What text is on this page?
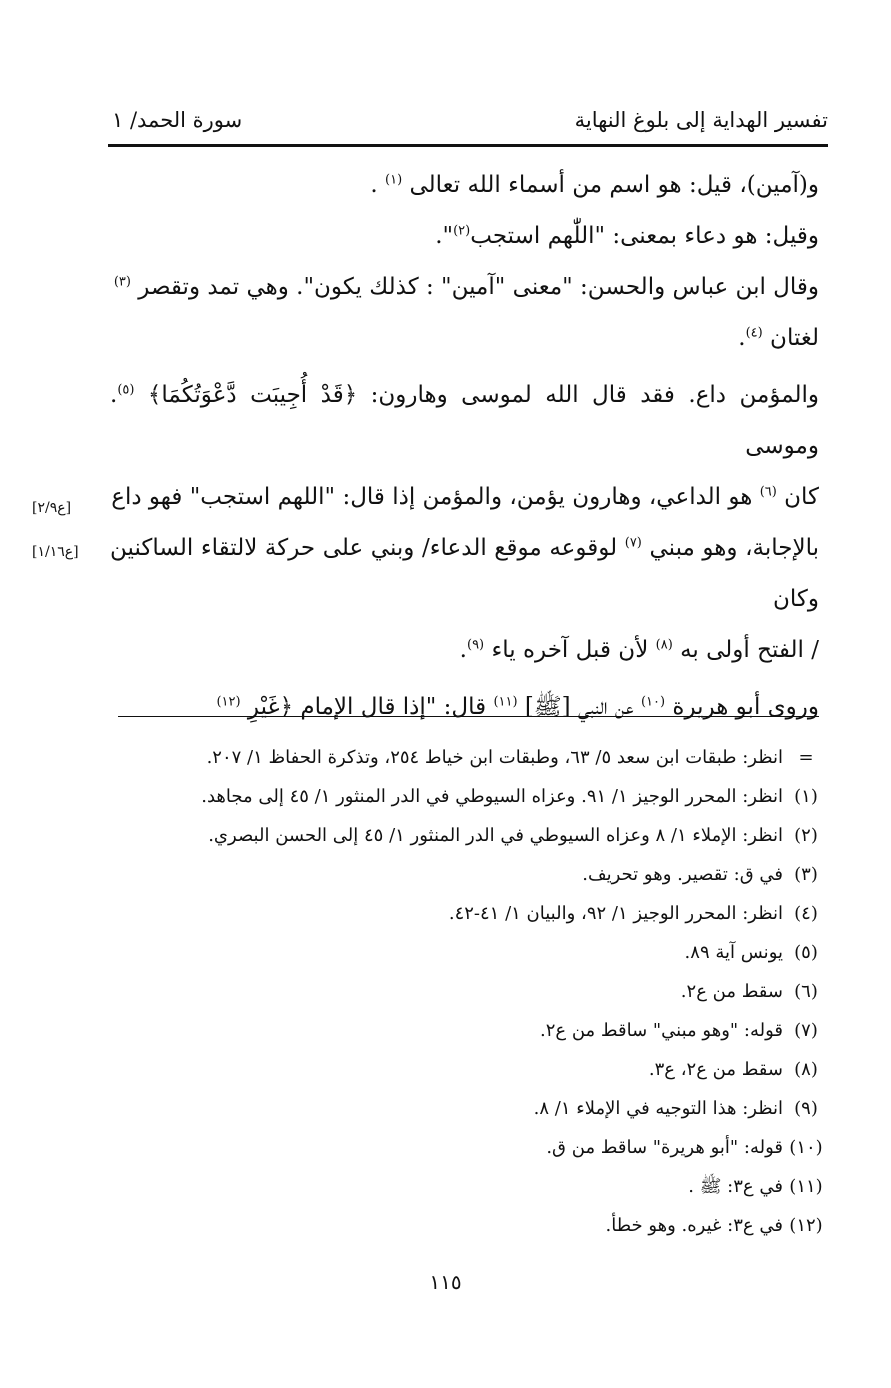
تفسير الهداية إلى بلوغ النهاية
سورة الحمد/ ١

و(آمين)، قيل: هو اسم من أسماء الله تعالى $^{(١)}$ .

وقيل: هو دعاء بمعنى: "اللّٰهم استجب$^{(٢)}$".

وقال ابن عباس والحسن: "معنى "آمين" : كذلك يكون". وهي تمد وتقصر $^{(٣)}$

لغتان $^{(٤)}$.

والمؤمن داع. فقد قال الله لموسى وهارون: ﴿قَدْ أُجِيبَت دَّعْوَتُكُمَا﴾ $^{(٥)}$. وموسى

كان $^{(٦)}$ هو الداعي، وهارون يؤمن، والمؤمن إذا قال: "اللهم استجب" فهو داع

بالإجابة، وهو مبني $^{(٧)}$ لوقوعه موقع الدعاء/ وبني على حركة لالتقاء الساكنين وكان

/ الفتح أولى به $^{(٨)}$ لأن قبل آخره ياء $^{(٩)}$.

وروى أبو هريرة $^{(١٠)}$ عن النبي [ﷺ] $^{(١١)}$ قال: "إذا قال الإمام ﴿غَيْرِ $^{(١٢)}$

[ع٢/٩]
[ع١/١٦]
=
انظر: طبقات ابن سعد ٥/ ٦٣، وطبقات ابن خياط ٢٥٤، وتذكرة الحفاظ ١/ ٢٠٧.
(١)
انظر: المحرر الوجيز ١/ ٩١. وعزاه السيوطي في الدر المنثور ١/ ٤٥ إلى مجاهد.
(٢)
انظر: الإملاء ١/ ٨ وعزاه السيوطي في الدر المنثور ١/ ٤٥ إلى الحسن البصري.
(٣)
في ق: تقصير. وهو تحريف.
(٤)
انظر: المحرر الوجيز ١/ ٩٢، والبيان ١/ ٤١-٤٢.
(٥)
يونس آية ٨٩.
(٦)
سقط من ع٢.
(٧)
قوله: "وهو مبني" ساقط من ع٢.
(٨)
سقط من ع٢، ع٣.
(٩)
انظر: هذا التوجيه في الإملاء ١/ ٨.
(١٠)
قوله: "أبو هريرة" ساقط من ق.
(١١)
في ع٣: ﷺ .
(١٢)
في ع٣: غيره. وهو خطأ.
١١٥
